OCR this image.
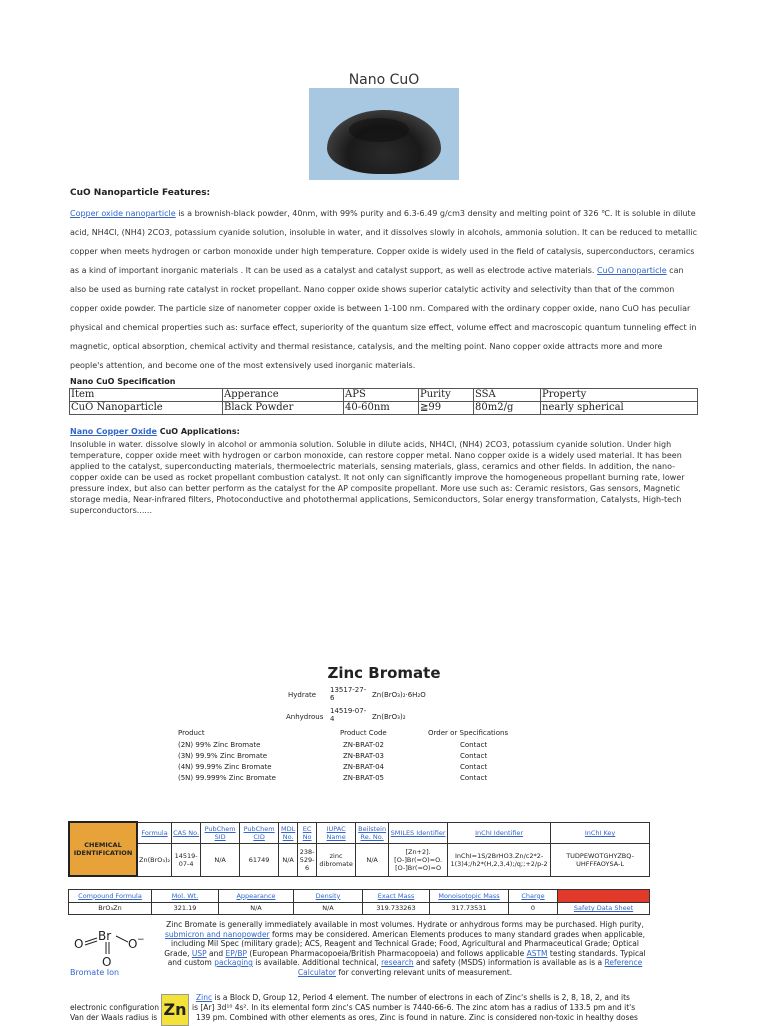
Nano CuO
CuO Nanoparticle Features:
Copper oxide nanoparticle is a brownish-black powder, 40nm, with 99% purity and 6.3-6.49 g/cm3 density and melting point of 326 ℃. It is soluble in dilute acid, NH4Cl, (NH4) 2CO3, potassium cyanide solution, insoluble in water, and it dissolves slowly in alcohols, ammonia solution. It can be reduced to metallic copper when meets hydrogen or carbon monoxide under high temperature. Copper oxide is widely used in the field of catalysis, superconductors, ceramics as a kind of important inorganic materials . It can be used as a catalyst and catalyst support, as well as electrode active materials. CuO nanoparticle can also be used as burning rate catalyst in rocket propellant. Nano copper oxide shows superior catalytic activity and selectivity than that of the common copper oxide powder. The particle size of nanometer copper oxide is between 1-100 nm. Compared with the ordinary copper oxide, nano CuO has peculiar physical and chemical properties such as: surface effect, superiority of the quantum size effect, volume effect and macroscopic quantum tunneling effect in magnetic, optical absorption, chemical activity and thermal resistance, catalysis, and the melting point. Nano copper oxide attracts more and more people's attention, and become one of the most extensively used inorganic materials.
Nano CuO Specification
Item	Apperance	APS	Purity	SSA	Property
CuO Nanoparticle	Black Powder	40-60nm	≧99	80m2/g	nearly spherical
Nano Copper Oxide CuO Applications:
Insoluble in water. dissolve slowly in alcohol or ammonia solution. Soluble in dilute acids, NH4Cl, (NH4) 2CO3, potassium cyanide solution. Under high temperature, copper oxide meet with hydrogen or carbon monoxide, can restore copper metal. Nano copper oxide is a widely used material. It has been applied to the catalyst, superconducting materials, thermoelectric materials, sensing materials, glass, ceramics and other fields. In addition, the nano-copper oxide can be used as rocket propellant combustion catalyst. It not only can significantly improve the homogeneous propellant burning rate, lower pressure index, but also can better perform as the catalyst for the AP composite propellant. More use such as: Ceramic resistors, Gas sensors, Magnetic storage media, Near-infrared filters, Photoconductive and photothermal applications, Semiconductors, Solar energy transformation, Catalysts, High-tech superconductors......
Zinc Bromate
Hydrate
13517-27-6	Zn(BrO₃)₂·6H₂O
Anhydrous
14519-07-4	Zn(BrO₃)₂
Product	Product Code	Order or Specifications
(2N) 99% Zinc Bromate	ZN-BRAT-02	Contact
(3N) 99.9% Zinc Bromate	ZN-BRAT-03	Contact
(4N) 99.99% Zinc Bromate	ZN-BRAT-04	Contact
(5N) 99.999% Zinc Bromate	ZN-BRAT-05	Contact
CHEMICAL IDENTIFICATION	Formula	CAS No.	PubChem SID	PubChem CID	MDL No.	EC No	IUPAC Name	Beilstein Re. No.	SMILES Identifier	InChI Identifier	InChI Key
	Zn(BrO₃)₂	14519-07-4	N/A	61749	N/A	238-529-6	zinc dibromate	N/A	[Zn+2].[O-]Br(=O)=O.[O-]Br(=O)=O	InChI=1S/2BrHO3.Zn/c2*2-1(3)4;/h2*(H,2,3,4);/q;;+2/p-2	TUDPEWOTGHYZBQ-UHFFFAOYSA-L
Compound Formula	Mol. Wt.	Appearance	Density	Exact Mass	Monoisotopic Mass	Charge	MSDS
BrO₃Zn	321.19	N/A	N/A	319.733263	317.73531	0	Safety Data Sheet
O
Br
O −
O
Bromate Ion
Zinc Bromate is generally immediately available in most volumes. Hydrate or anhydrous forms may be purchased. High purity, submicron and nanopowder forms may be considered. American Elements produces to many standard grades when applicable, including Mil Spec (military grade); ACS, Reagent and Technical Grade; Food, Agricultural and Pharmaceutical Grade; Optical Grade, USP and EP/BP (European Pharmacopoeia/British Pharmacopoeia) and follows applicable ASTM testing standards. Typical and custom packaging is available. Additional technical, research and safety (MSDS) information is available as is a Reference Calculator for converting relevant units of measurement.
Zn
Zinc is a Block D, Group 12, Period 4 element. The number of electrons in each of Zinc's shells is 2, 8, 18, 2, and its
electronic configuration	is [Ar] 3d¹⁰ 4s². In its elemental form zinc's CAS number is 7440-66-6. The zinc atom has a radius of 133.5 pm and it's
Van der Waals radius is	139 pm. Combined with other elements as ores, Zinc is found in nature. Zinc is considered non-toxic in healthy doses
